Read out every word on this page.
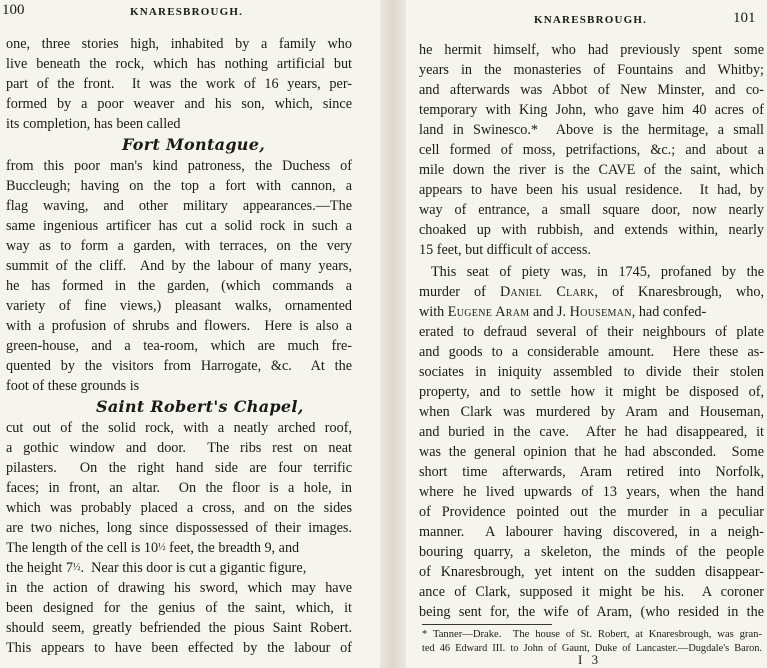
100	KNARESBROUGH.
one, three stories high, inhabited by a family who
live beneath the rock, which has nothing artificial but
part of the front.  It was the work of 16 years, per-
formed by a poor weaver and his son, which, since
its completion, has been called
Fort Montague,
from this poor man's kind patroness, the Duchess of
Buccleugh; having on the top a fort with cannon, a
flag waving, and other military appearances.—The
same ingenious artificer has cut a solid rock in such a
way as to form a garden, with terraces, on the very
summit of the cliff.  And by the labour of many years,
he has formed in the garden, (which commands a
variety of fine views,) pleasant walks, ornamented
with a profusion of shrubs and flowers.  Here is also a
green-house, and a tea-room, which are much fre-
quented by the visitors from Harrogate, &c.  At the
foot of these grounds is
Saint Robert's Chapel,
cut out of the solid rock, with a neatly arched roof,
a gothic window and door.  The ribs rest on neat
pilasters.  On the right hand side are four terrific
faces; in front, an altar.  On the floor is a hole, in
which was probably placed a cross, and on the sides
are two niches, long since dispossessed of their images.
The length of the cell is 10½ feet, the breadth 9, and
the height 7½.  Near this door is cut a gigantic figure,
in the action of drawing his sword, which may have
been designed for the genius of the saint, which, it
should seem, greatly befriended the pious Saint Robert.
This appears to have been effected by the labour of
KNARESBROUGH.	101
he hermit himself, who had previously spent some
years in the monasteries of Fountains and Whitby;
and afterwards was Abbot of New Minster, and co-
temporary with King John, who gave him 40 acres of
land in Swinesco.*  Above is the hermitage, a small
cell formed of moss, petrifactions, &c.; and about a
mile down the river is the CAVE of the saint, which
appears to have been his usual residence.  It had, by
way of entrance, a small square door, now nearly
choaked up with rubbish, and extends within, nearly
15 feet, but difficult of access.
This seat of piety was, in 1745, profaned by the
murder of Daniel Clark, of Knaresbrough, who,
with Eugene Aram and J. Houseman, had confed-
erated to defraud several of their neighbours of plate
and goods to a considerable amount.  Here these as-
sociates in iniquity assembled to divide their stolen
property, and to settle how it might be disposed of,
when Clark was murdered by Aram and Houseman,
and buried in the cave.  After he had disappeared, it
was the general opinion that he had absconded.  Some
short time afterwards, Aram retired into Norfolk,
where he lived upwards of 13 years, when the hand
of Providence pointed out the murder in a peculiar
manner.  A labourer having discovered, in a neigh-
bouring quarry, a skeleton, the minds of the people
of Knaresbrough, yet intent on the sudden disappear-
ance of Clark, supposed it might be his.  A coroner
being sent for, the wife of Aram, (who resided in the
* Tanner—Drake.  The house of St. Robert, at Knaresbrough, was gran-
ted 46 Edward III. to John of Gaunt, Duke of Lancaster.—Dugdale's Baron.
I 3
